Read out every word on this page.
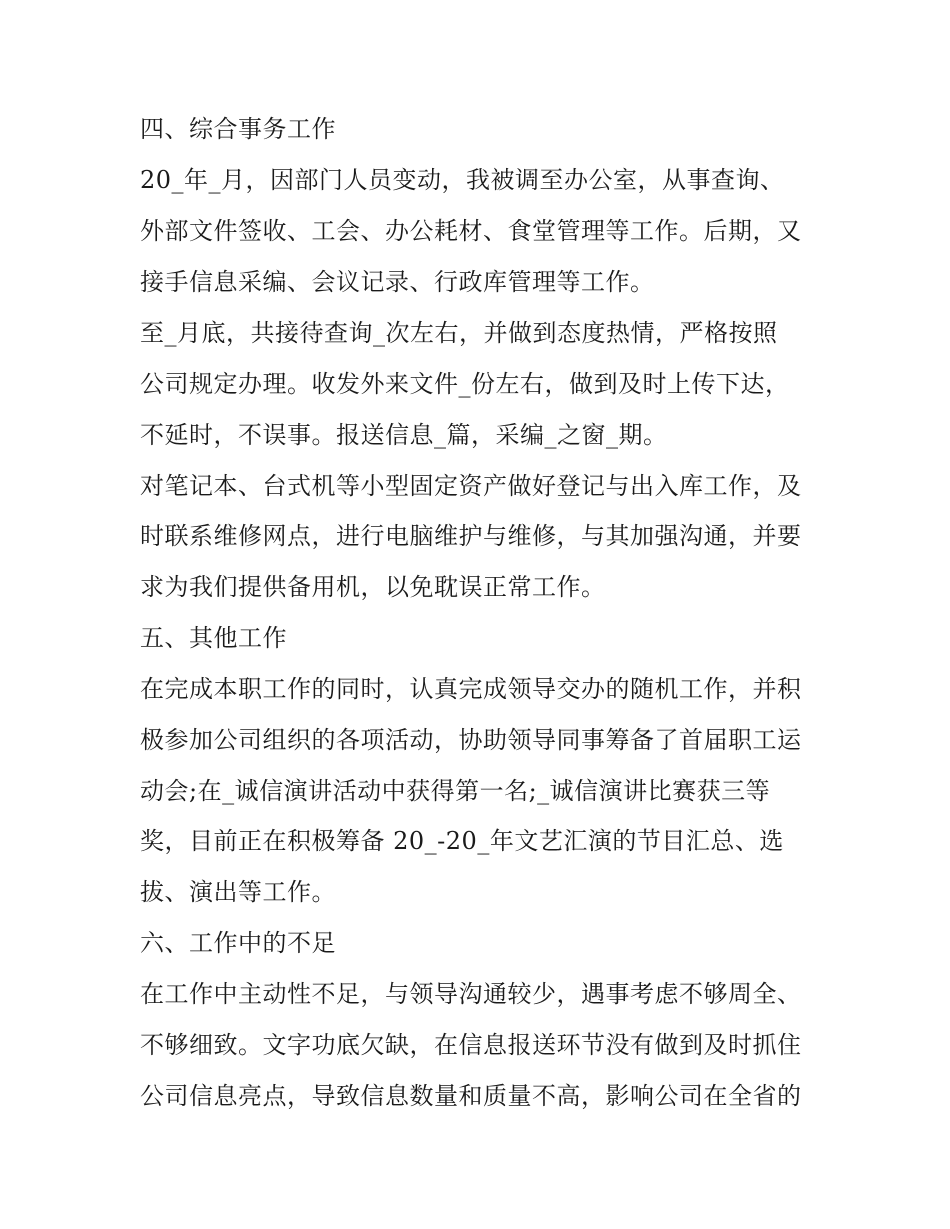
四、综合事务工作
20_年_月，因部门人员变动，我被调至办公室，从事查询、
外部文件签收、工会、办公耗材、食堂管理等工作。后期，又
接手信息采编、会议记录、行政库管理等工作。
至_月底，共接待查询_次左右，并做到态度热情，严格按照
公司规定办理。收发外来文件_份左右，做到及时上传下达，
不延时，不误事。报送信息_篇，采编_之窗_期。
对笔记本、台式机等小型固定资产做好登记与出入库工作，及
时联系维修网点，进行电脑维护与维修，与其加强沟通，并要
求为我们提供备用机，以免耽误正常工作。
五、其他工作
在完成本职工作的同时，认真完成领导交办的随机工作，并积
极参加公司组织的各项活动，协助领导同事筹备了首届职工运
动会;在_诚信演讲活动中获得第一名;_诚信演讲比赛获三等
奖，目前正在积极筹备 20_-20_年文艺汇演的节目汇总、选
拔、演出等工作。
六、工作中的不足
在工作中主动性不足，与领导沟通较少，遇事考虑不够周全、
不够细致。文字功底欠缺，在信息报送环节没有做到及时抓住
公司信息亮点，导致信息数量和质量不高，影响公司在全省的
